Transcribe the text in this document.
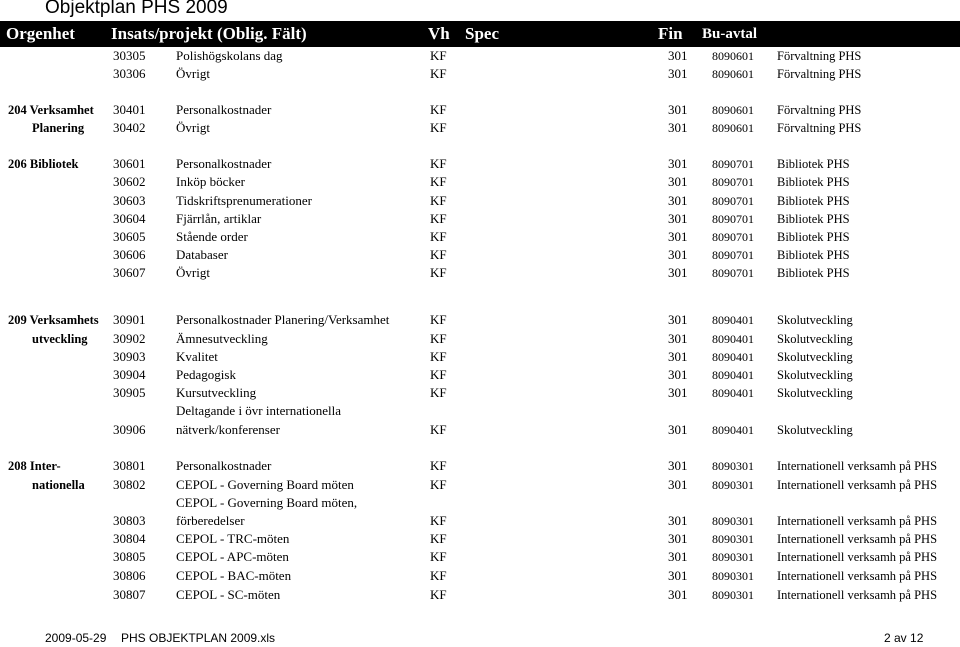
Objektplan PHS 2009
Orgenhet Insats/projekt (Oblig. Fält)	Vh Spec	Fin Bu-avtal
30305 Polishögskolans dag	KF	301 8090601 Förvaltning PHS
30306 Övrigt	KF	301 8090601 Förvaltning PHS
204 Verksamhet 30401 Personalkostnader	KF	301 8090601 Förvaltning PHS
Planering 30402 Övrigt	KF	301 8090601 Förvaltning PHS
206 Bibliotek	30601 Personalkostnader	KF	301 8090701 Bibliotek PHS
30602 Inköp böcker	KF	301 8090701 Bibliotek PHS
30603 Tidskriftsprenumerationer	KF	301 8090701 Bibliotek PHS
30604 Fjärrlån, artiklar	KF	301 8090701 Bibliotek PHS
30605 Stående order	KF	301 8090701 Bibliotek PHS
30606 Databaser	KF	301 8090701 Bibliotek PHS
30607 Övrigt	KF	301 8090701 Bibliotek PHS
209 Verksamhets 30901 Personalkostnader Planering/Verksamhet	KF	301 8090401 Skolutveckling
utveckling 30902 Ämnesutveckling	KF	301 8090401 Skolutveckling
30903 Kvalitet	KF	301 8090401 Skolutveckling
30904 Pedagogisk	KF	301 8090401 Skolutveckling
30905 Kursutveckling	KF	301 8090401 Skolutveckling
Deltagande i övr internationella
30906 nätverk/konferenser	KF	301 8090401 Skolutveckling
208 Inter-	30801 Personalkostnader	KF	301 8090301 Internationell verksamh på PHS
nationella 30802 CEPOL - Governing Board möten	KF	301 8090301 Internationell verksamh på PHS
CEPOL - Governing Board möten,
30803 förberedelser	KF	301 8090301 Internationell verksamh på PHS
30804 CEPOL - TRC-möten	KF	301 8090301 Internationell verksamh på PHS
30805 CEPOL - APC-möten	KF	301 8090301 Internationell verksamh på PHS
30806 CEPOL - BAC-möten	KF	301 8090301 Internationell verksamh på PHS
30807 CEPOL - SC-möten	KF	301 8090301 Internationell verksamh på PHS
2009-05-29 PHS OBJEKTPLAN 2009.xls	2 av 12
